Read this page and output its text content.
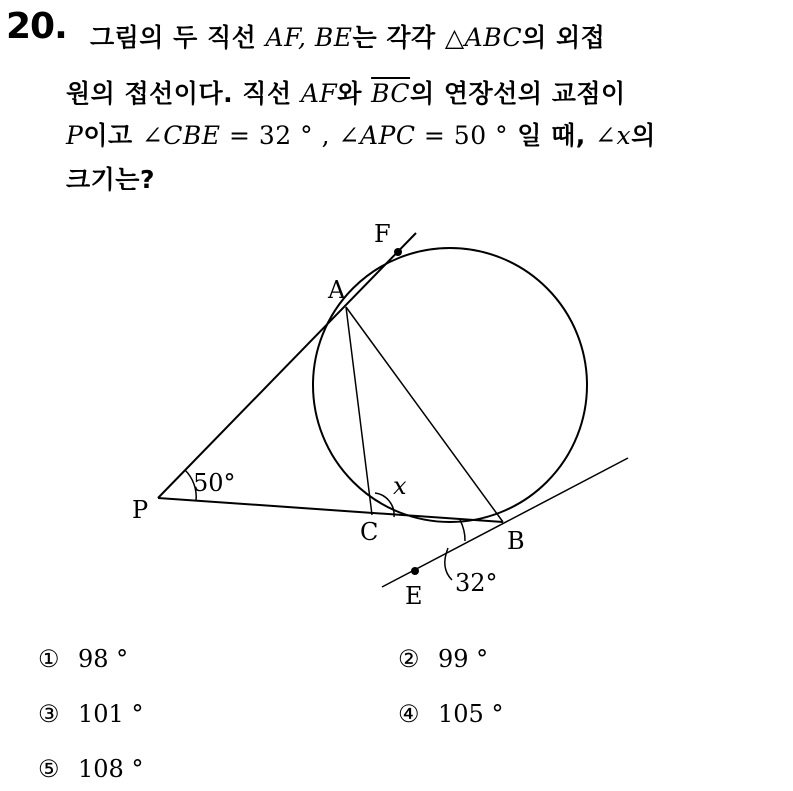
20. 그림의 두 직선 AF, BE는 각각 △ABC의 외접
원의 접선이다. 직선 AF와 $\overline{BC}$의 연장선의 교점이
P이고 ∠CBE = 32 ° , ∠APC = 50 ° 일 때, ∠x의
크기는?
F
A
P
C	B
E
x
50°
32°
① 98 °	② 99 °
③ 101 °	④ 105 °
⑤ 108 °
